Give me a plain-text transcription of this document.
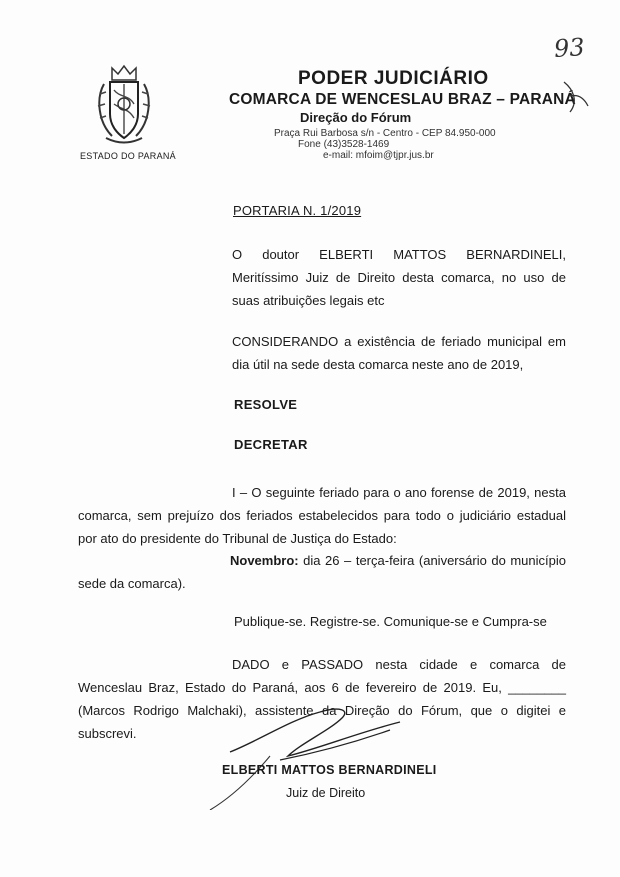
ESTADO DO PARANÁ
PODER JUDICIÁRIO
COMARCA DE WENCESLAU BRAZ – PARANÁ
Direção do Fórum
Praça Rui Barbosa s/n - Centro - CEP 84.950-000
Fone (43)3528-1469
e-mail: mfoim@tjpr.jus.br
93
PORTARIA N. 1/2019
O doutor ELBERTI MATTOS BERNARDINELI, Meritíssimo Juiz de Direito desta comarca, no uso de suas atribuições legais etc
CONSIDERANDO a existência de feriado municipal em dia útil na sede desta comarca neste ano de 2019,
RESOLVE
DECRETAR
I – O seguinte feriado para o ano forense de 2019, nesta comarca, sem prejuízo dos feriados estabelecidos para todo o judiciário estadual por ato do presidente do Tribunal de Justiça do Estado:
Novembro: dia 26 – terça-feira (aniversário do município sede da comarca).
Publique-se. Registre-se. Comunique-se e Cumpra-se
DADO e PASSADO nesta cidade e comarca de Wenceslau Braz, Estado do Paraná, aos 6 de fevereiro de 2019. Eu, ________ (Marcos Rodrigo Malchaki), assistente da Direção do Fórum, que o digitei e subscrevi.
ELBERTI MATTOS BERNARDINELI
Juiz de Direito
